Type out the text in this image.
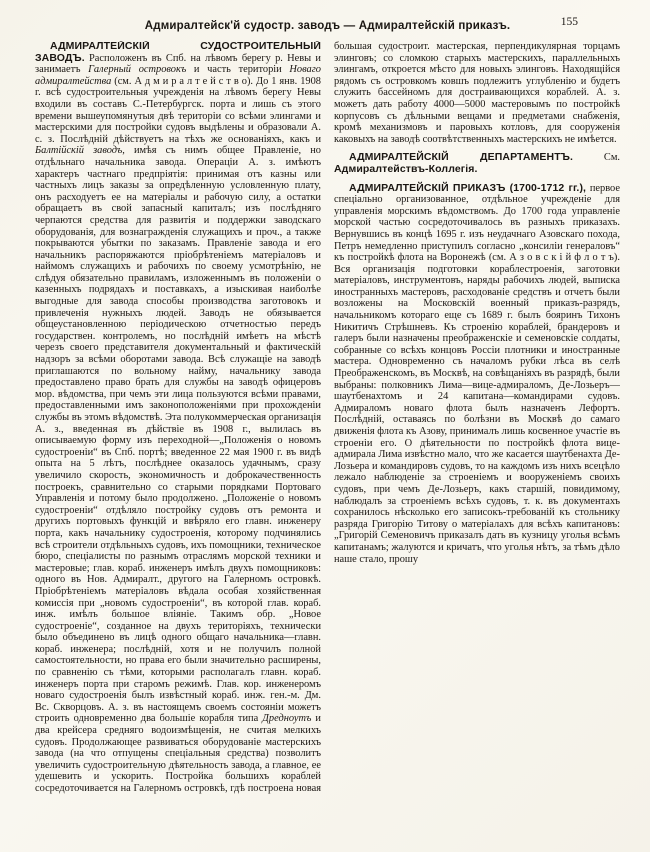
Адмиралтейск'й судостр. заводъ — Адмиралтейскій приказъ.	155

АДМИРАЛТЕЙСКІЙ СУДОСТРОИТЕЛЬНЫЙ ЗАВОДЪ. Расположенъ въ Спб. на лѣвомъ берегу р. Невы и занимаетъ Галерный островокъ и часть територіи Новаго адмиралтейства (см. А д м и р а л т е й с т в о). До 1 янв. 1908 г. всѣ судостроительныя учрежденія на лѣвомъ берегу Невы входили въ составъ С.-Петербургск. порта и лишь съ этого времени вышеупомянутыя двѣ територіи со всѣми элингами и мастерскими для постройки судовъ выдѣлены и образовали А. с. з. Послѣдній дѣйствуетъ на тѣхъ же основаніяхъ, какъ и Балтійскій заводъ, имѣя съ нимъ общее Правленіе, но отдѣльнаго начальника завода. Операціи А. з. имѣютъ характеръ частнаго предпріятія: принимая отъ казны или частныхъ лицъ заказы за опредѣленную условленную плату, онъ расходуетъ ее на матеріалы и рабочую силу, а остатки обращаетъ въ свой запасный капиталъ; изъ послѣдняго черпаются средства для развитія и поддержки заводскаго оборудованія, для вознагражденія служащихъ и проч., а также покрываются убытки по заказамъ. Правленіе завода и его начальникъ распоряжаются пріобрѣтеніемъ матеріаловъ и наймомъ служащихъ и рабочихъ по своему усмотрѣнію, не слѣдуя обязательно правиламъ, изложеннымъ въ положеніи о казенныхъ подрядахъ и поставкахъ, а изыскивая наиболѣе выгодные для завода способы производства заготовокъ и привлеченія нужныхъ людей. Заводъ не обязывается общеустановленною періодическою отчетностью передъ государствен. контролемъ, но послѣдній имѣетъ на мѣстѣ черезъ своего представителя документальный и фактическій надзоръ за всѣми оборотами завода. Всѣ служащіе на заводѣ приглашаются по вольному найму, начальнику завода предоставлено право брать для службы на заводѣ офицеровъ мор. вѣдомства, при чемъ эти лица пользуются всѣми правами, предоставленными имъ законоположеніями при прохожденіи службы въ этомъ вѣдомствѣ. Эта полукоммерческая организація А. з., введенная въ дѣйствіе въ 1908 г., вылилась въ описываемую форму изъ переходной—„Положенія о новомъ судостроеніи“ въ Спб. портѣ; введенное 22 мая 1900 г. въ видѣ опыта на 5 лѣтъ, послѣднее оказалось удачнымъ, сразу увеличило скорость, экономичность и доброкачественность построекъ, сравнительно со старыми порядками Портоваго Управленія и потому было продолжено. „Положеніе о новомъ судостроеніи“ отдѣляло постройку судовъ отъ ремонта и другихъ портовыхъ функцій и ввѣряло его главн. инженеру порта, какъ начальнику судостроенія, которому подчинялись всѣ строители отдѣльныхъ судовъ, ихъ помощники, техническое бюро, спеціалисты по разнымъ отраслямъ морской техники и мастеровые; глав. кораб. инженеръ имѣлъ двухъ помощниковъ: одного въ Нов. Адмиралт., другого на Галерномъ островкѣ. Пріобрѣтеніемъ матеріаловъ вѣдала особая хозяйственная комиссія при „новомъ судостроеніи“, въ которой глав. кораб. инж. имѣлъ большое вліяніе. Такимъ обр. „Новое судостроеніе“, созданное на двухъ територіяхъ, технически было объединено въ лицѣ одного общаго начальника—главн. кораб. инженера; послѣдній, хотя и не получилъ полной самостоятельности, но права его были значительно расширены, по сравненію съ тѣми, которыми располагалъ главн. кораб. инженеръ порта при старомъ режимѣ. Глав. кор. инженеромъ новаго судостроенія былъ извѣстный кораб. инж. ген.-м. Дм. Вс. Скворцовъ. А. з. въ настоящемъ своемъ состояніи можетъ строить одновременно два большіе корабля типа Дредноутъ и два крейсера средняго водоизмѣщенія, не считая мелкихъ судовъ. Продолжающее развиваться оборудованіе мастерскихъ завода (на что отпущены спеціальныя средства) позволитъ увеличить судостроительную дѣятельность завода, а главное, ее удешевить и ускорить. Постройка большихъ кораблей сосредоточивается на Галерномъ островкѣ, гдѣ построена новая большая судостроит. мастерская, перпендикулярная торцамъ элинговъ; со сломкою старыхъ мастерскихъ, параллельныхъ элингамъ, откроется мѣсто для новыхъ элинговъ. Находящійся рядомъ съ островкомъ ковшъ подлежитъ углубленію и будетъ служить бассейномъ для достраивающихся кораблей. А. з. можетъ дать работу 4000—5000 мастеровымъ по постройкѣ корпусовъ съ дѣльными вещами и предметами снабженія, кромѣ механизмовъ и паровыхъ котловъ, для сооруженія каковыхъ на заводѣ соотвѣтственныхъ мастерскихъ не имѣется.

АДМИРАЛТЕЙСКІЙ ДЕПАРТАМЕНТЪ. См. Адмиралтействъ-Коллегія.

АДМИРАЛТЕЙСКІЙ ПРИКАЗЪ (1700-1712 гг.), первое спеціально организованное, отдѣльное учрежденіе для управленія морскимъ вѣдомствомъ. До 1700 года управленіе морской частью сосредоточивалось въ разныхъ приказахъ. Вернувшись въ концѣ 1695 г. изъ неудачнаго Азовскаго похода, Петръ немедленно приступилъ согласно „консиліи генераловъ“ къ постройкѣ флота на Воронежѣ (см. А з о в с к і й ф л о т ъ). Вся организація подготовки кораблестроенія, заготовки матеріаловъ, инструментовъ, наряды рабочихъ людей, выписка иностранныхъ мастеровъ, расходованіе средствъ и отчетъ были возложены на Московскій военный приказъ-разрядъ, начальникомъ котораго еще съ 1689 г. былъ бояринъ Тихонъ Никитичъ Стрѣшневъ. Къ строенію кораблей, брандеровъ и галеръ были назначены преображенскіе и семеновскіе солдаты, собранные со всѣхъ концовъ Россіи плотники и иностранные мастера. Одновременно съ началомъ рубки лѣса въ селѣ Преображенскомъ, въ Москвѣ, на совѣщаніяхъ въ разрядѣ, были выбраны: полковникъ Лима—вице-адмираломъ, Де-Лозьеръ—шаутбенахтомъ и 24 капитана—командирами судовъ. Адмираломъ новаго флота былъ назначенъ Лефортъ. Послѣдній, оставаясь по болѣзни въ Москвѣ до самаго движенія флота къ Азову, принималъ лишь косвенное участіе въ строеніи его. О дѣятельности по постройкѣ флота вице-адмирала Лима извѣстно мало, что же касается шаутбенахта Де-Лозьера и командировъ судовъ, то на каждомъ изъ нихъ всецѣло лежало наблюденіе за строеніемъ и вооруженіемъ своихъ судовъ, при чемъ Де-Лозьеръ, какъ старшій, повидимому, наблюдалъ за строеніемъ всѣхъ судовъ, т. к. въ документахъ сохранилось нѣсколько его записокъ-требованій къ стольнику разряда Григорію Титову о матеріалахъ для всѣхъ капитановъ: „Григорій Семеновичъ приказалъ дать въ кузницу уголья всѣмъ капитанамъ; жалуются и кричатъ, что уголья нѣтъ, за тѣмъ дѣло наше стало, прошу
